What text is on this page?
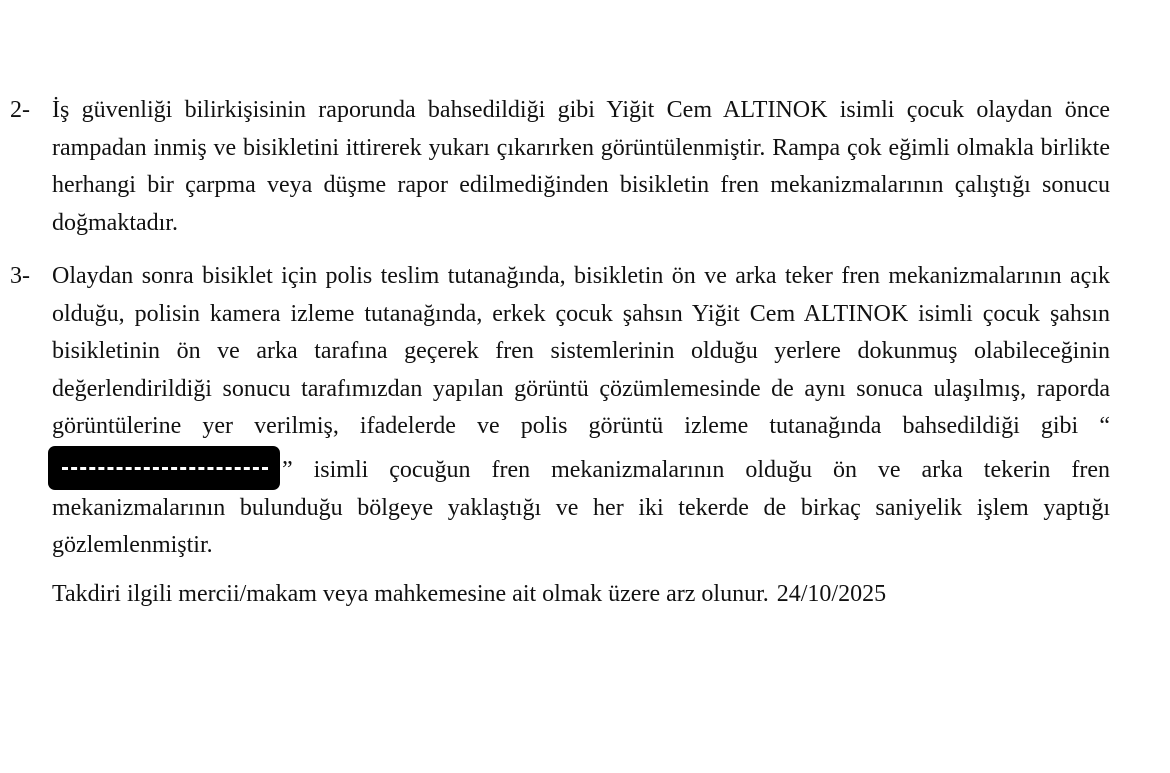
2- İş güvenliği bilirkişisinin raporunda bahsedildiği gibi Yiğit Cem ALTINOK isimli çocuk olaydan önce rampadan inmiş ve bisikletini ittirerek yukarı çıkarırken görüntülenmiştir. Rampa çok eğimli olmakla birlikte herhangi bir çarpma veya düşme rapor edilmediğinden bisikletin fren mekanizmalarının çalıştığı sonucu doğmaktadır.
3- Olaydan sonra bisiklet için polis teslim tutanağında, bisikletin ön ve arka teker fren mekanizmalarının açık olduğu, polisin kamera izleme tutanağında, erkek çocuk şahsın Yiğit Cem ALTINOK isimli çocuk şahsın bisikletinin ön ve arka tarafına geçerek fren sistemlerinin olduğu yerlere dokunmuş olabileceğinin değerlendirildiği sonucu tarafımızdan yapılan görüntü çözümlemesinde de aynı sonuca ulaşılmış, raporda görüntülerine yer verilmiş, ifadelerde ve polis görüntü izleme tutanağında bahsedildiği gibi “” isimli çocuğun fren mekanizmalarının olduğu ön ve arka tekerin fren mekanizmalarının bulunduğu bölgeye yaklaştığı ve her iki tekerde de birkaç saniyelik işlem yaptığı gözlemlenmiştir.
Takdiri ilgili mercii/makam veya mahkemesine ait olmak üzere arz olunur. 24/10/2025
